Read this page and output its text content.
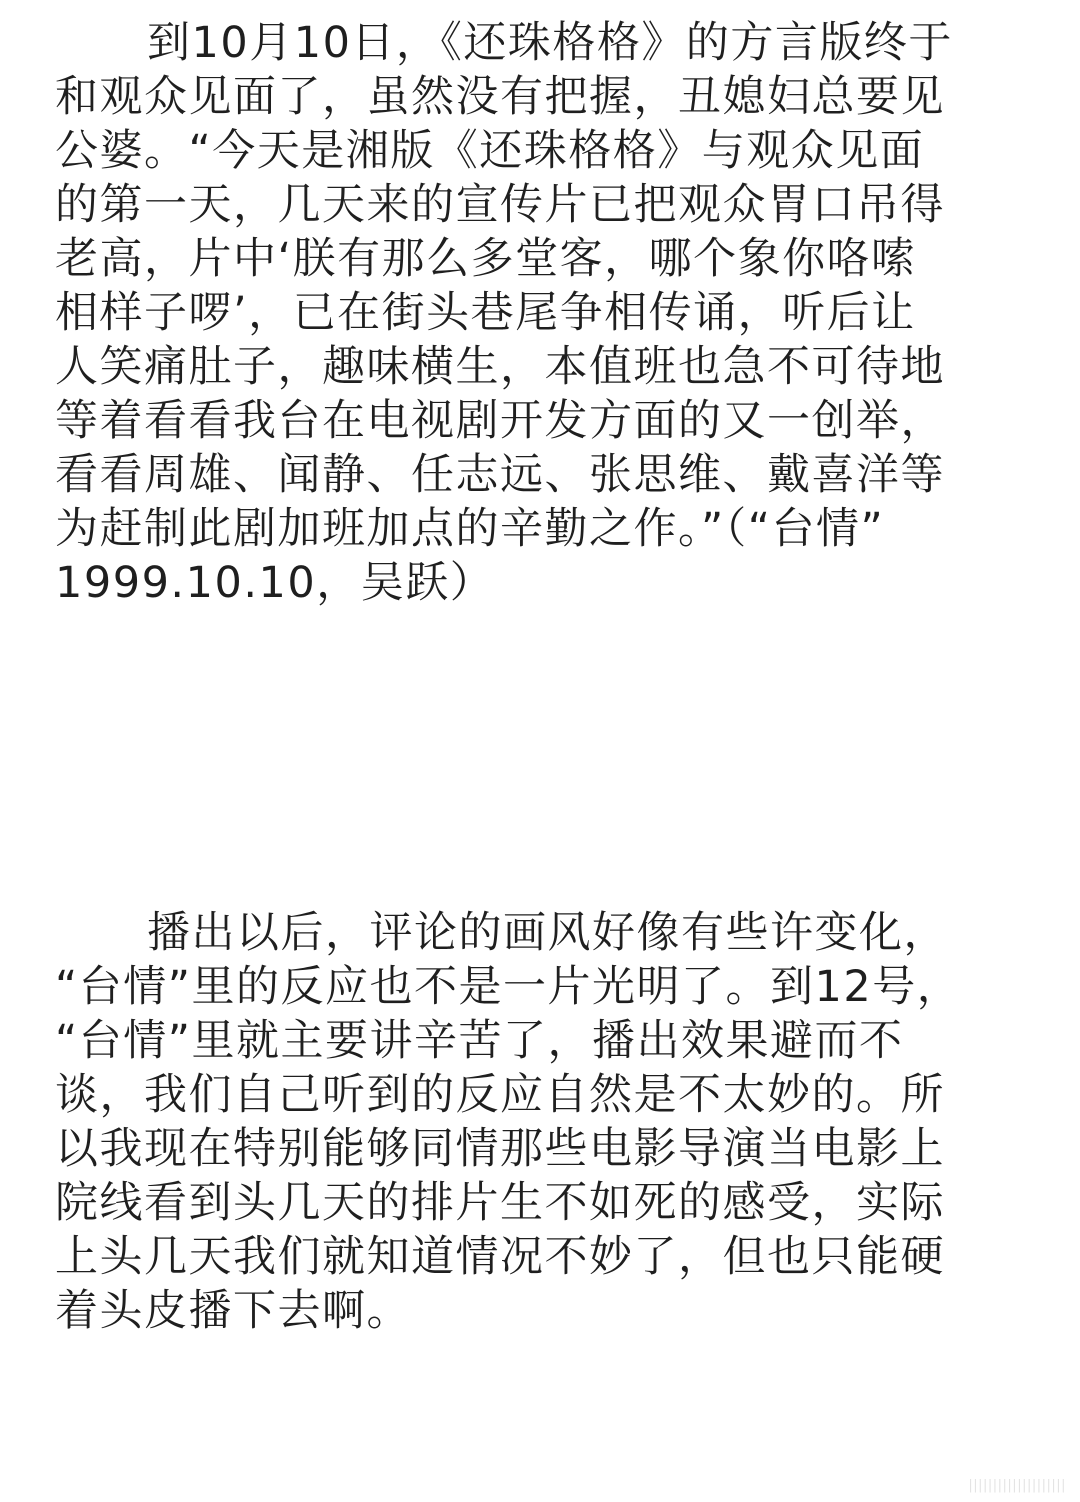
到10月10日，《还珠格格》的方言版终于
和观众见面了，虽然没有把握，丑媳妇总要见
公婆。“今天是湘版《还珠格格》与观众见面
的第一天，几天来的宣传片已把观众胃口吊得
老高，片中‘朕有那么多堂客，哪个象你咯嗦
相样子啰’，已在街头巷尾争相传诵，听后让
人笑痛肚子，趣味横生，本值班也急不可待地
等着看看我台在电视剧开发方面的又一创举，
看看周雄、闻静、任志远、张思维、戴喜洋等
为赶制此剧加班加点的辛勤之作。”（“台情”
1999.10.10，吴跃）
播出以后，评论的画风好像有些许变化，
“台情”里的反应也不是一片光明了。到12号，
“台情”里就主要讲辛苦了，播出效果避而不
谈，我们自己听到的反应自然是不太妙的。所
以我现在特别能够同情那些电影导演当电影上
院线看到头几天的排片生不如死的感受，实际
上头几天我们就知道情况不妙了，但也只能硬
着头皮播下去啊。
||||||||||||||||||||
